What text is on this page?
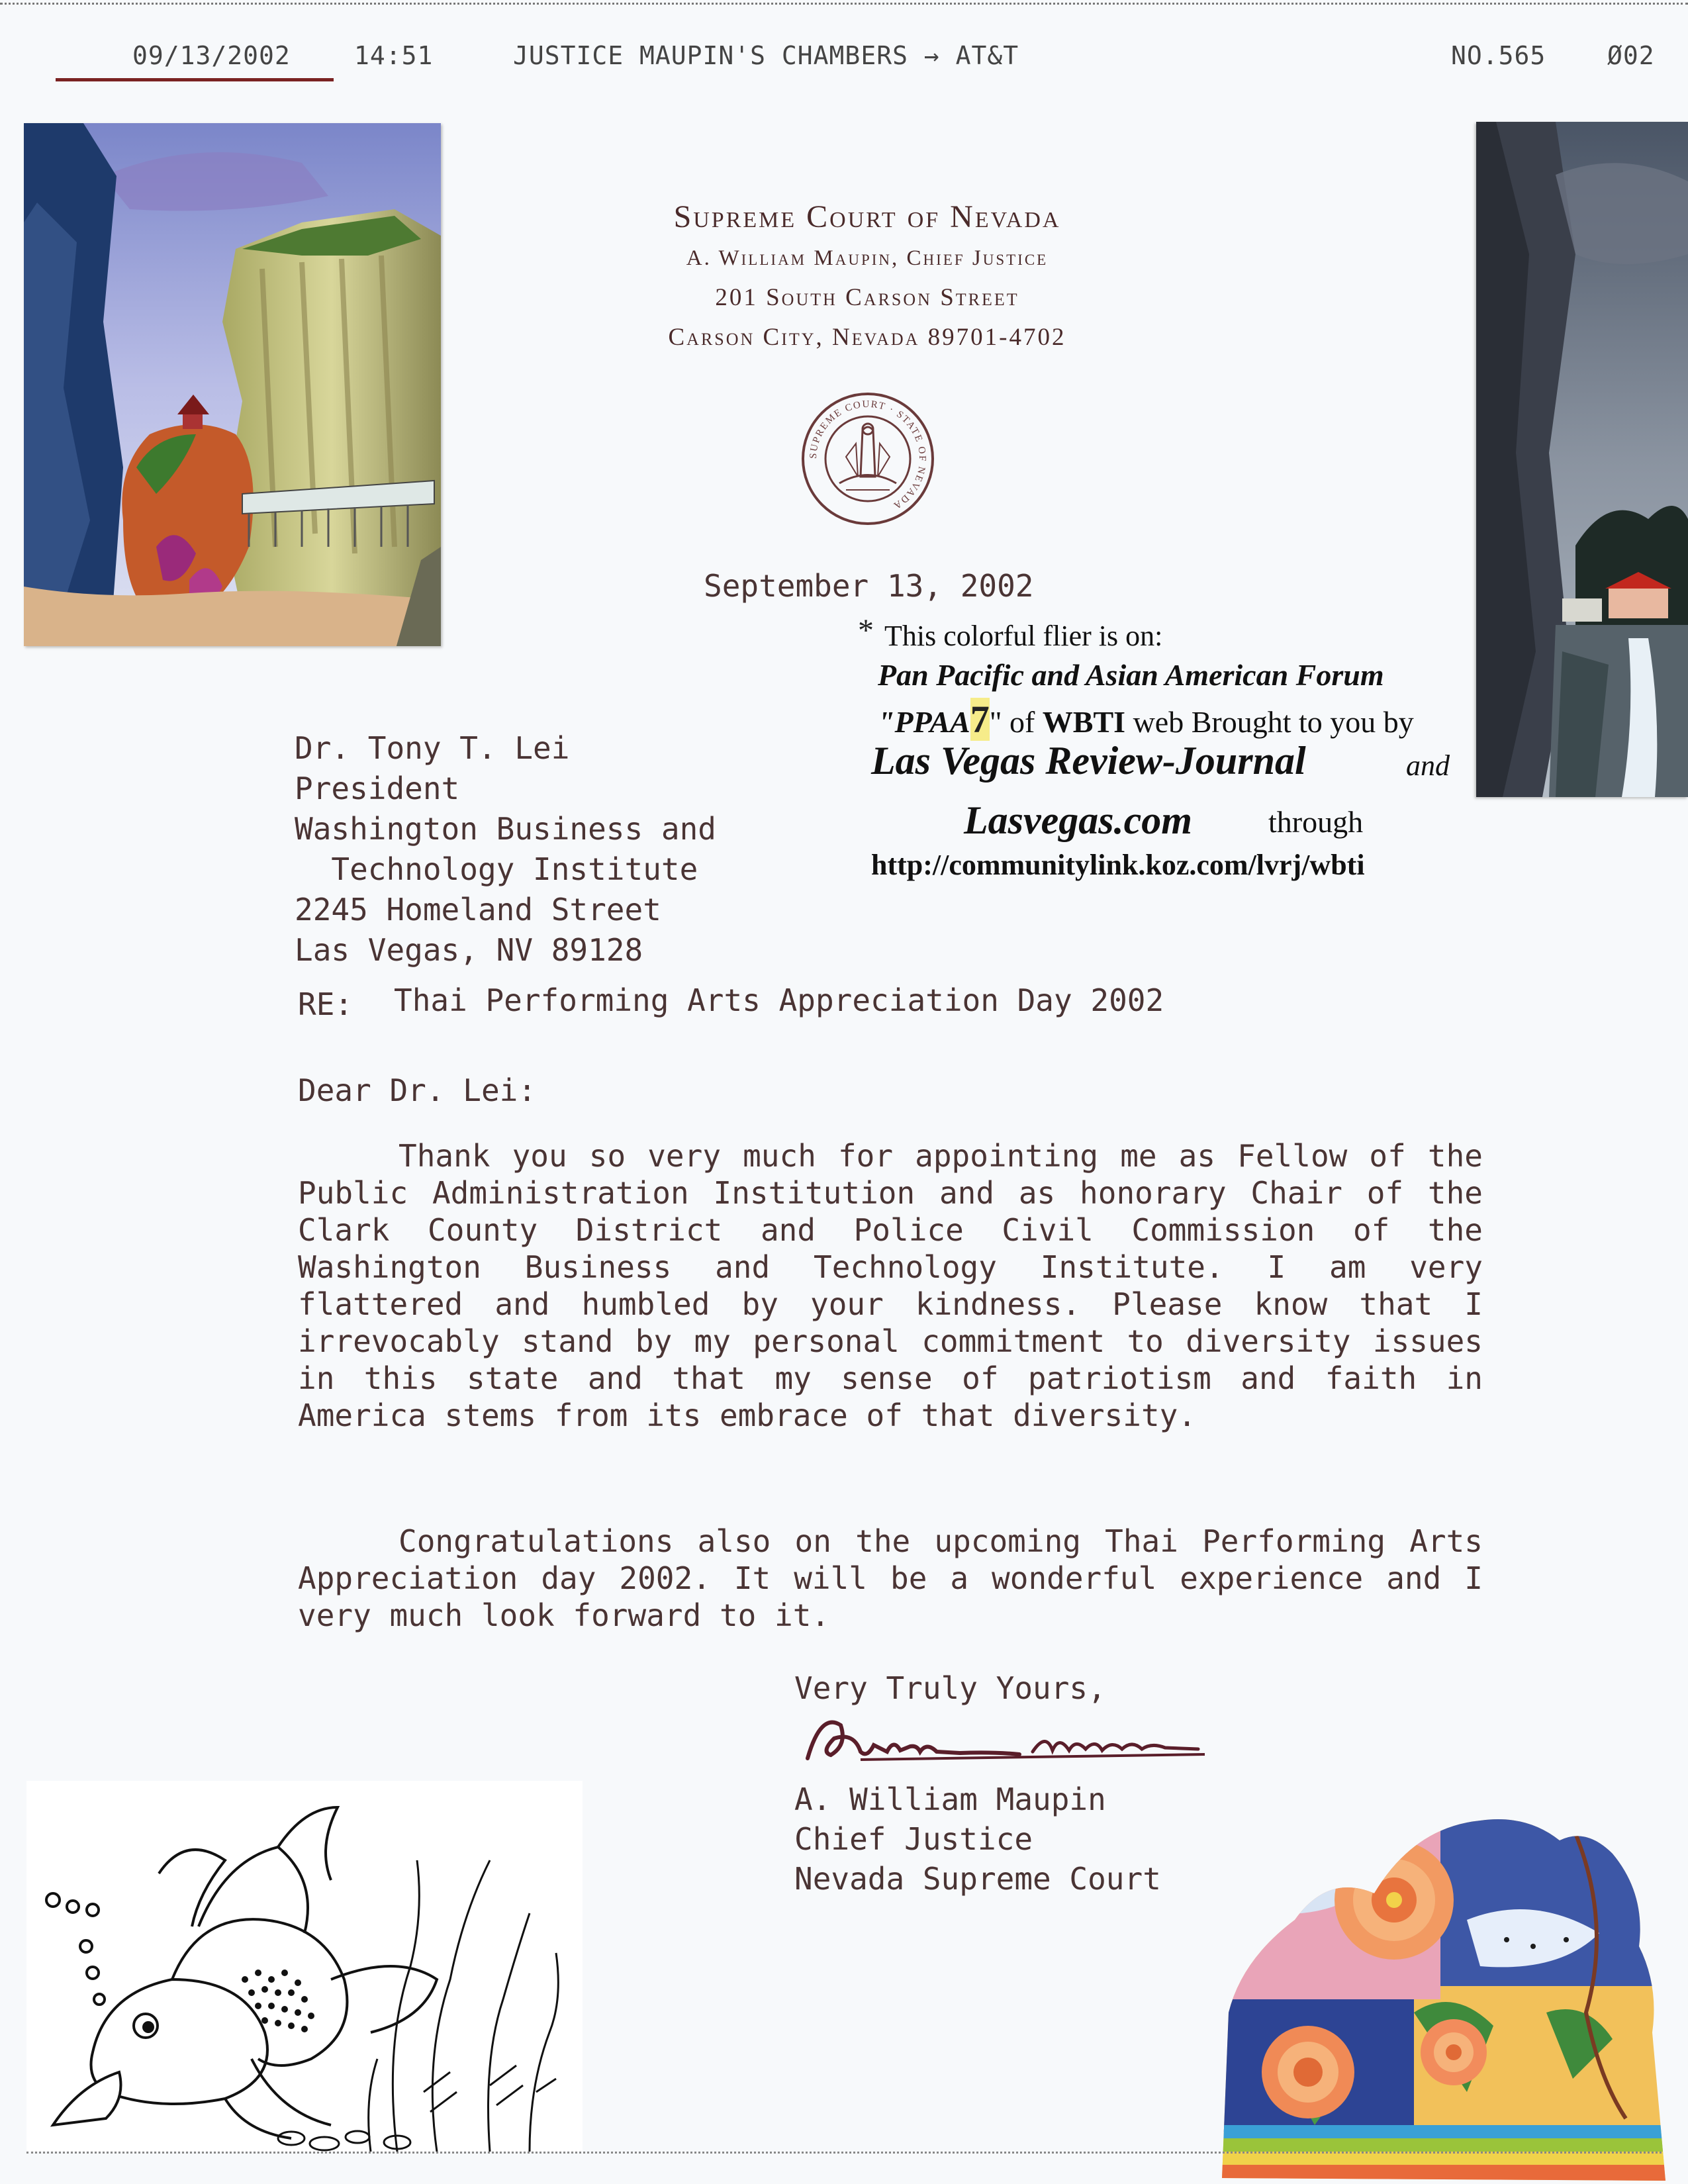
09/13/2002	14:51	JUSTICE MAUPIN'S CHAMBERS → AT&T	NO.565 Ø02
Supreme Court of Nevada
A. William Maupin, Chief Justice
201 South Carson Street
Carson City, Nevada 89701-4702
SUPREME COURT · STATE OF NEVADA
September 13, 2002
* This colorful flier is on:
Pan Pacific and Asian American Forum
"PPAA7" of WBTI web Brought to you by
Las Vegas Review-Journal	and
Lasvegas.com	through
http://communitylink.koz.com/lvrj/wbti
Dr. Tony T. Lei
President
Washington Business and
Technology Institute
2245 Homeland Street
Las Vegas, NV 89128
RE: Thai Performing Arts Appreciation Day 2002
Dear Dr. Lei:
Thank you so very much for appointing me as Fellow of the Public Administration Institution and as honorary Chair of the Clark County District and Police Civil Commission of the Washington Business and Technology Institute. I am very flattered and humbled by your kindness. Please know that I irrevocably stand by my personal commitment to diversity issues in this state and that my sense of patriotism and faith in America stems from its embrace of that diversity.
Congratulations also on the upcoming Thai Performing Arts Appreciation day 2002. It will be a wonderful experience and I very much look forward to it.
Very Truly Yours,
A. William Maupin
Chief Justice
Nevada Supreme Court
